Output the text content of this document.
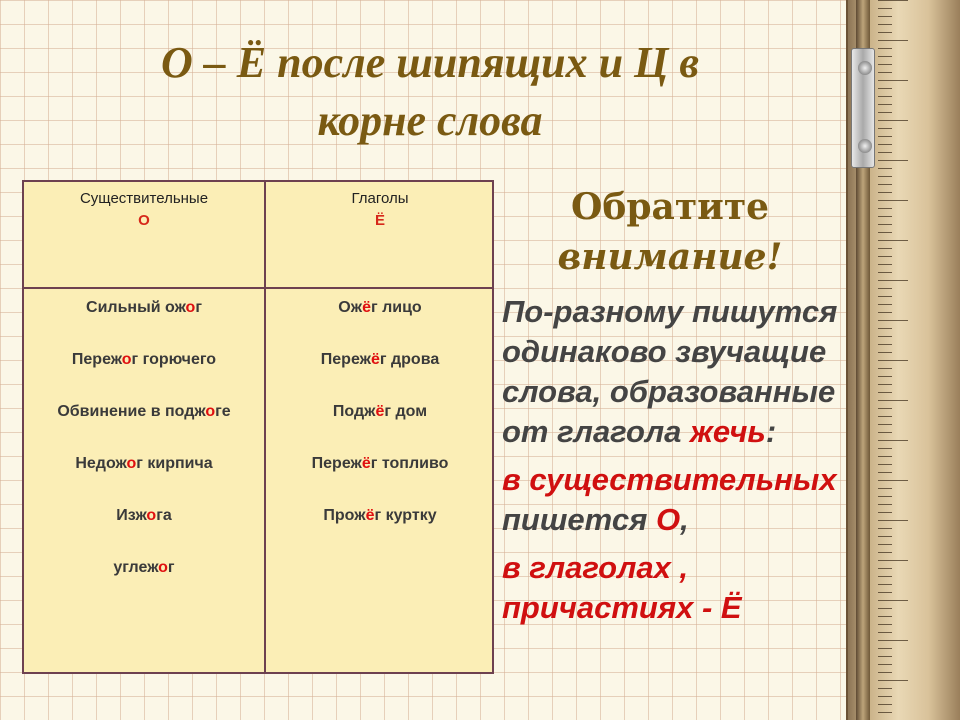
О – Ё после шипящих и Ц в
корне слова
Существительные
О
Глаголы
Ё
Сильный ожог
Пережог горючего
Обвинение в поджоге
Недожог кирпича
Изжога
углежог
Ожёг лицо
Пережёг дрова
Поджёг дом
Пережёг топливо
Прожёг куртку
Обратите
внимание!

По-разному пишутся одинаково звучащие слова, образованные от глагола жечь:

в существительных пишется О,

в глаголах , причастиях - Ё
